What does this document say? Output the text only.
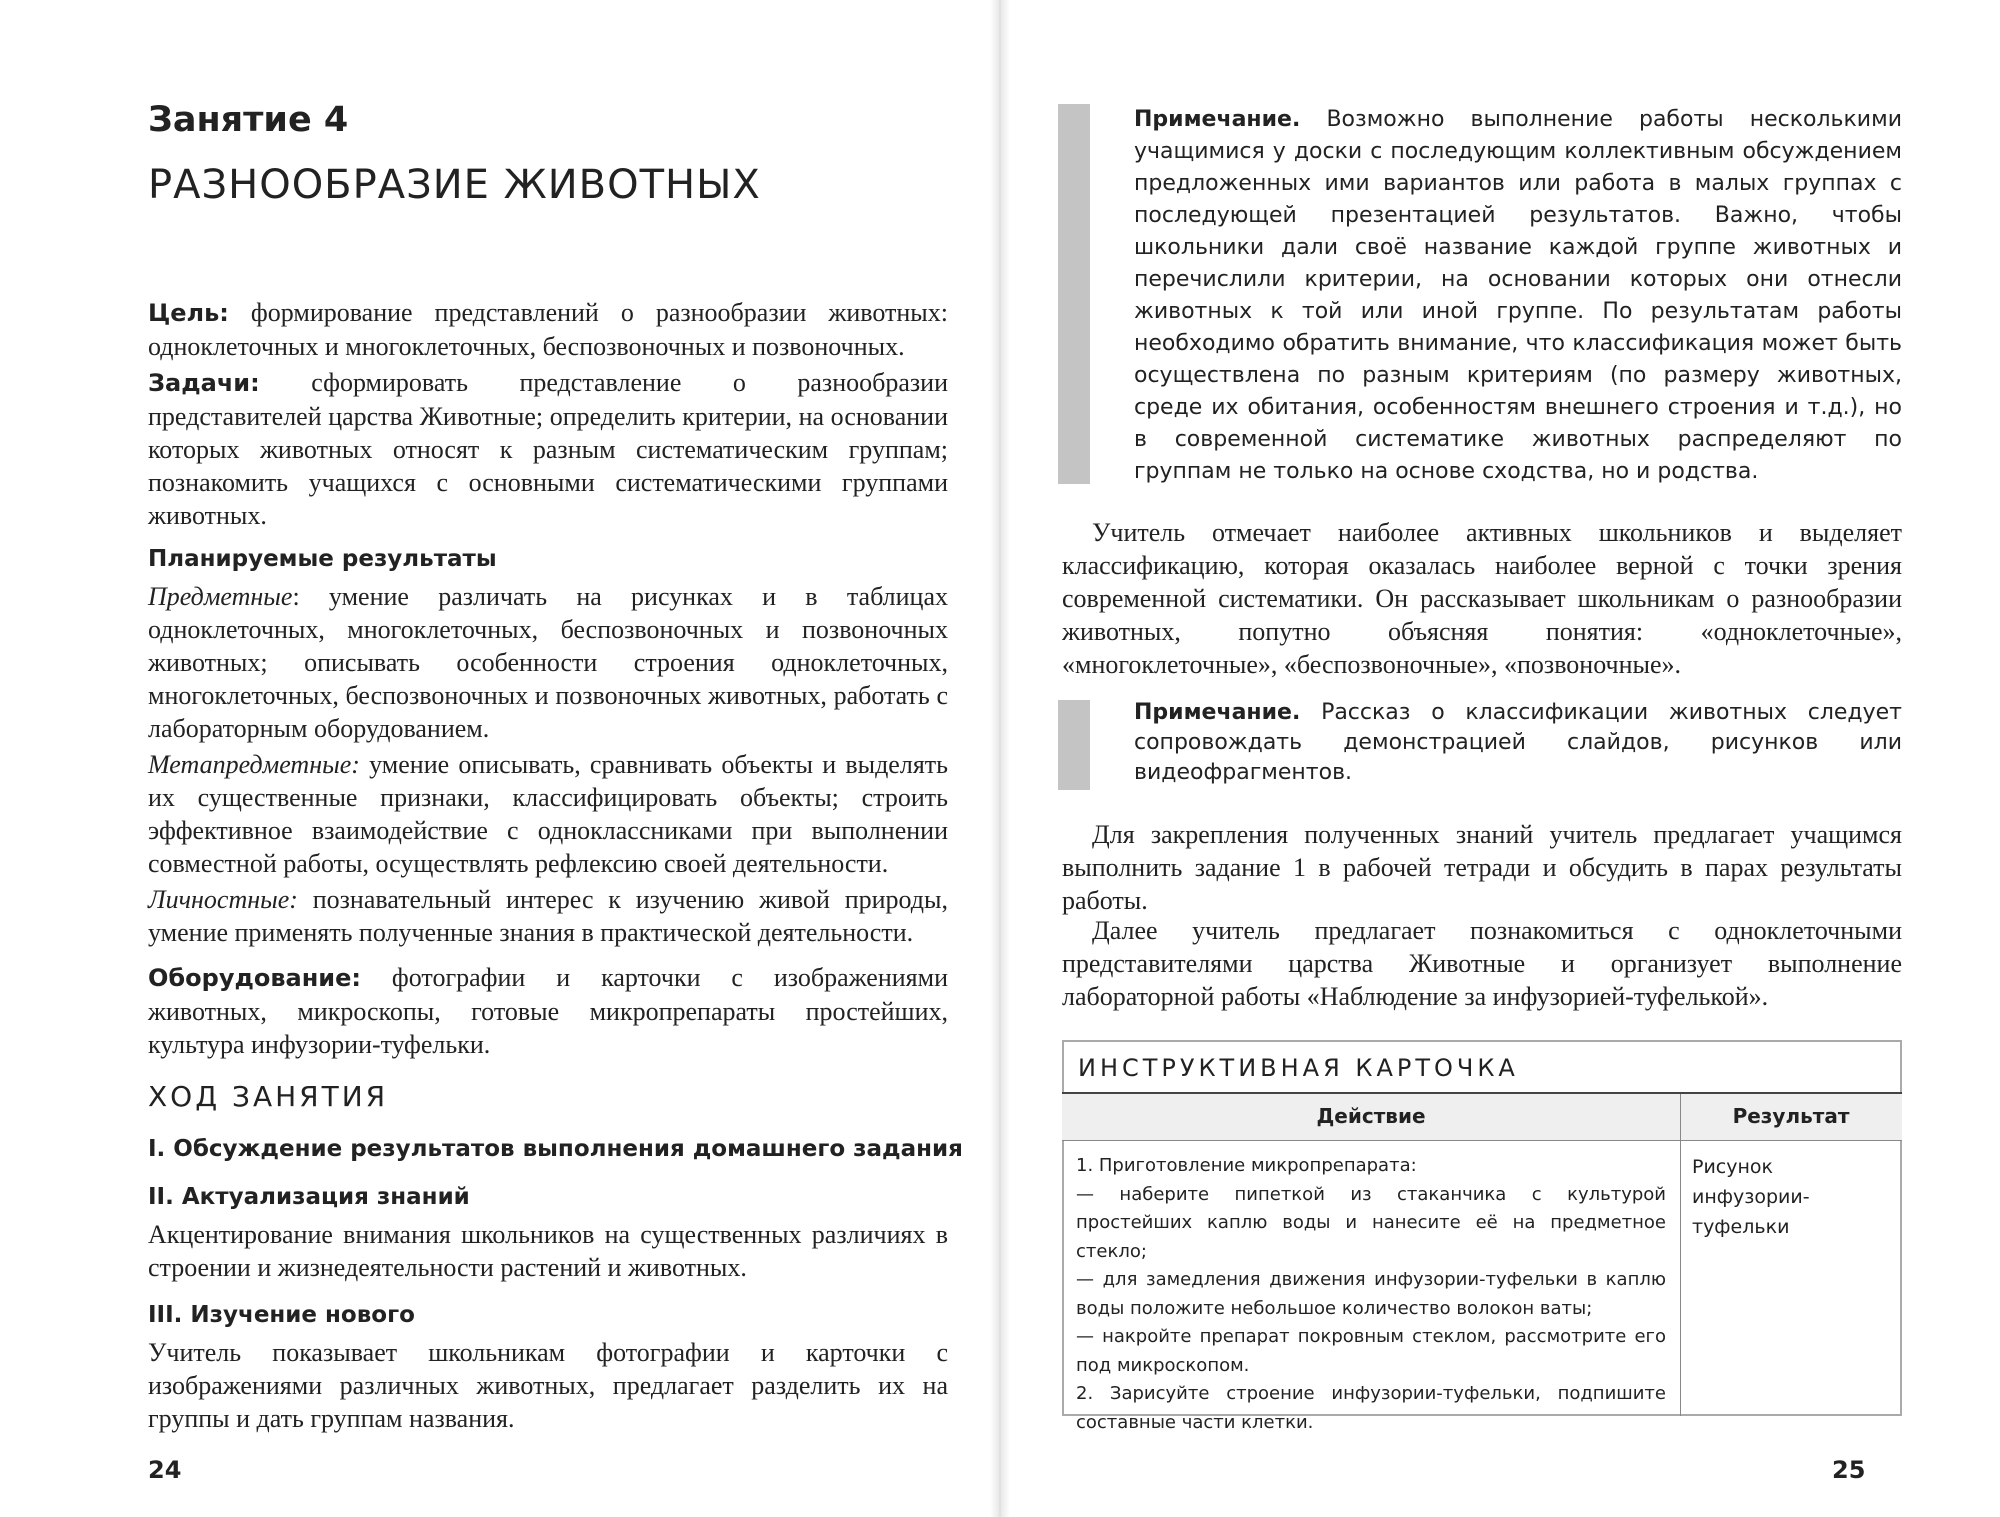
Занятие 4
РАЗНООБРАЗИЕ ЖИВОТНЫХ

Цель: формирование представлений о разнообразии животных: одноклеточных и многоклеточных, беспозвоночных и позвоночных.

Задачи: сформировать представление о разнообразии представителей царства Животные; определить критерии, на основании которых животных относят к разным систематическим группам; познакомить учащихся с основными систематическими группами животных.

Планируемые результаты

Предметные: умение различать на рисунках и в таблицах одноклеточных, многоклеточных, беспозвоночных и позвоночных животных; описывать особенности строения одноклеточных, многоклеточных, беспозвоночных и позвоночных животных, работать с лабораторным оборудованием.

Метапредметные: умение описывать, сравнивать объекты и выделять их существенные признаки, классифицировать объекты; строить эффективное взаимодействие с одноклассниками при выполнении совместной работы, осуществлять рефлексию своей деятельности.

Личностные: познавательный интерес к изучению живой природы, умение применять полученные знания в практической деятельности.

Оборудование: фотографии и карточки с изображениями животных, микроскопы, готовые микропрепараты простейших, культура инфузории-туфельки.

ХОД ЗАНЯТИЯ
I. Обсуждение результатов выполнения домашнего задания
II. Актуализация знаний

Акцентирование внимания школьников на существенных различиях в строении и жизнедеятельности растений и животных.

III. Изучение нового

Учитель показывает школьникам фотографии и карточки с изображениями различных животных, предлагает разделить их на группы и дать группам названия.

24

Примечание. Возможно выполнение работы несколькими учащимися у доски с последующим коллективным обсуждением предложенных ими вариантов или работа в малых группах с последующей презентацией результатов. Важно, чтобы школьники дали своё название каждой группе животных и перечислили критерии, на основании которых они отнесли животных к той или иной группе. По результатам работы необходимо обратить внимание, что классификация может быть осуществлена по разным критериям (по размеру животных, среде их обитания, особенностям внешнего строения и т.д.), но в современной систематике животных распределяют по группам не только на основе сходства, но и родства.

Учитель отмечает наиболее активных школьников и выделяет классификацию, которая оказалась наиболее верной с точки зрения современной систематики. Он рассказывает школьникам о разнообразии животных, попутно объясняя понятия: «одноклеточные», «многоклеточные», «беспозвоночные», «позвоночные».

Примечание. Рассказ о классификации животных следует сопровождать демонстрацией слайдов, рисунков или видеофрагментов.

Для закрепления полученных знаний учитель предлагает учащимся выполнить задание 1 в рабочей тетради и обсудить в парах результаты работы.

Далее учитель предлагает познакомиться с одноклеточными представителями царства Животные и организует выполнение лабораторной работы «Наблюдение за инфузорией-туфелькой».

ИНСТРУКТИВНАЯ КАРТОЧКА
Действие	Результат
1. Приготовление микропрепарата:
— наберите пипеткой из стаканчика с культурой простейших каплю воды и нанесите её на предметное стекло;
— для замедления движения инфузории-туфельки в каплю воды положите небольшое количество волокон ваты;
— накройте препарат покровным стеклом, рассмотрите его под микроскопом.
2. Зарисуйте строение инфузории-туфельки, подпишите составные части клетки.
Рисунок инфузории-туфельки
25
